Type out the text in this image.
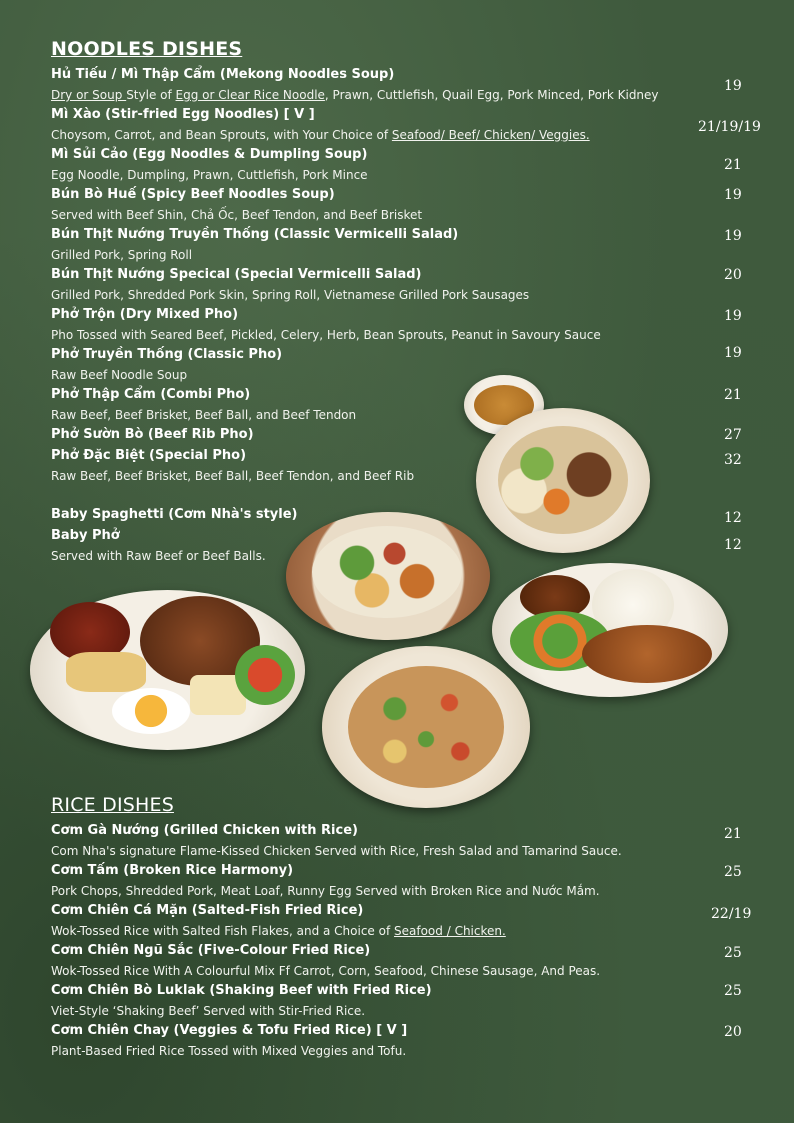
NOODLES DISHES
Hủ Tiếu / Mì Thập Cẩm (Mekong Noodles Soup)
Dry or Soup Style of Egg or Clear Rice Noodle, Prawn, Cuttlefish, Quail Egg, Pork Minced, Pork Kidney
19
Mì Xào (Stir-fried Egg Noodles) [ V ]
Choysom, Carrot, and Bean Sprouts, with Your Choice of Seafood/ Beef/ Chicken/ Veggies.	21/19/19
Mì Sủi Cảo (Egg Noodles & Dumpling Soup)
Egg Noodle, Dumpling, Prawn, Cuttlefish, Pork Mince
21
Bún Bò Huế (Spicy Beef Noodles Soup)
Served with Beef Shin, Chả Ốc, Beef Tendon, and Beef Brisket
19
Bún Thịt Nướng Truyền Thống (Classic Vermicelli Salad)
Grilled Pork, Spring Roll
19
Bún Thịt Nướng Specical (Special Vermicelli Salad)
Grilled Pork, Shredded Pork Skin, Spring Roll, Vietnamese Grilled Pork Sausages
20
Phở Trộn (Dry Mixed Pho)
Pho Tossed with Seared Beef, Pickled, Celery, Herb, Bean Sprouts, Peanut in Savoury Sauce
19
Phở Truyền Thống (Classic Pho)
Raw Beef Noodle Soup
19
Phở Thập Cẩm (Combi Pho)
Raw Beef, Beef Brisket, Beef Ball, and Beef Tendon
21
Phở Sườn Bò (Beef Rib Pho)	27
Phở Đặc Biệt (Special Pho)
Raw Beef, Beef Brisket, Beef Ball, Beef Tendon, and Beef Rib
32
Baby Spaghetti (Cơm Nhà's style)	12
Baby Phở
Served with Raw Beef or Beef Balls.
12
RICE DISHES
Cơm Gà Nướng (Grilled Chicken with Rice)
Com Nha's signature Flame-Kissed Chicken Served with Rice, Fresh Salad and Tamarind Sauce.
21
Cơm Tấm (Broken Rice Harmony)
Pork Chops, Shredded Pork, Meat Loaf, Runny Egg Served with Broken Rice and Nước Mắm.
25
Cơm Chiên Cá Mặn (Salted-Fish Fried Rice)
Wok-Tossed Rice with Salted Fish Flakes, and a Choice of Seafood / Chicken.
22/19
Cơm Chiên Ngũ Sắc (Five-Colour Fried Rice)
Wok-Tossed Rice With A Colourful Mix Ff Carrot, Corn, Seafood, Chinese Sausage, And Peas.
25
Cơm Chiên Bò Luklak (Shaking Beef with Fried Rice)
Viet-Style ‘Shaking Beef’ Served with Stir-Fried Rice.
25
Cơm Chiên Chay (Veggies & Tofu Fried Rice) [ V ]
Plant-Based Fried Rice Tossed with Mixed Veggies and Tofu.
20
